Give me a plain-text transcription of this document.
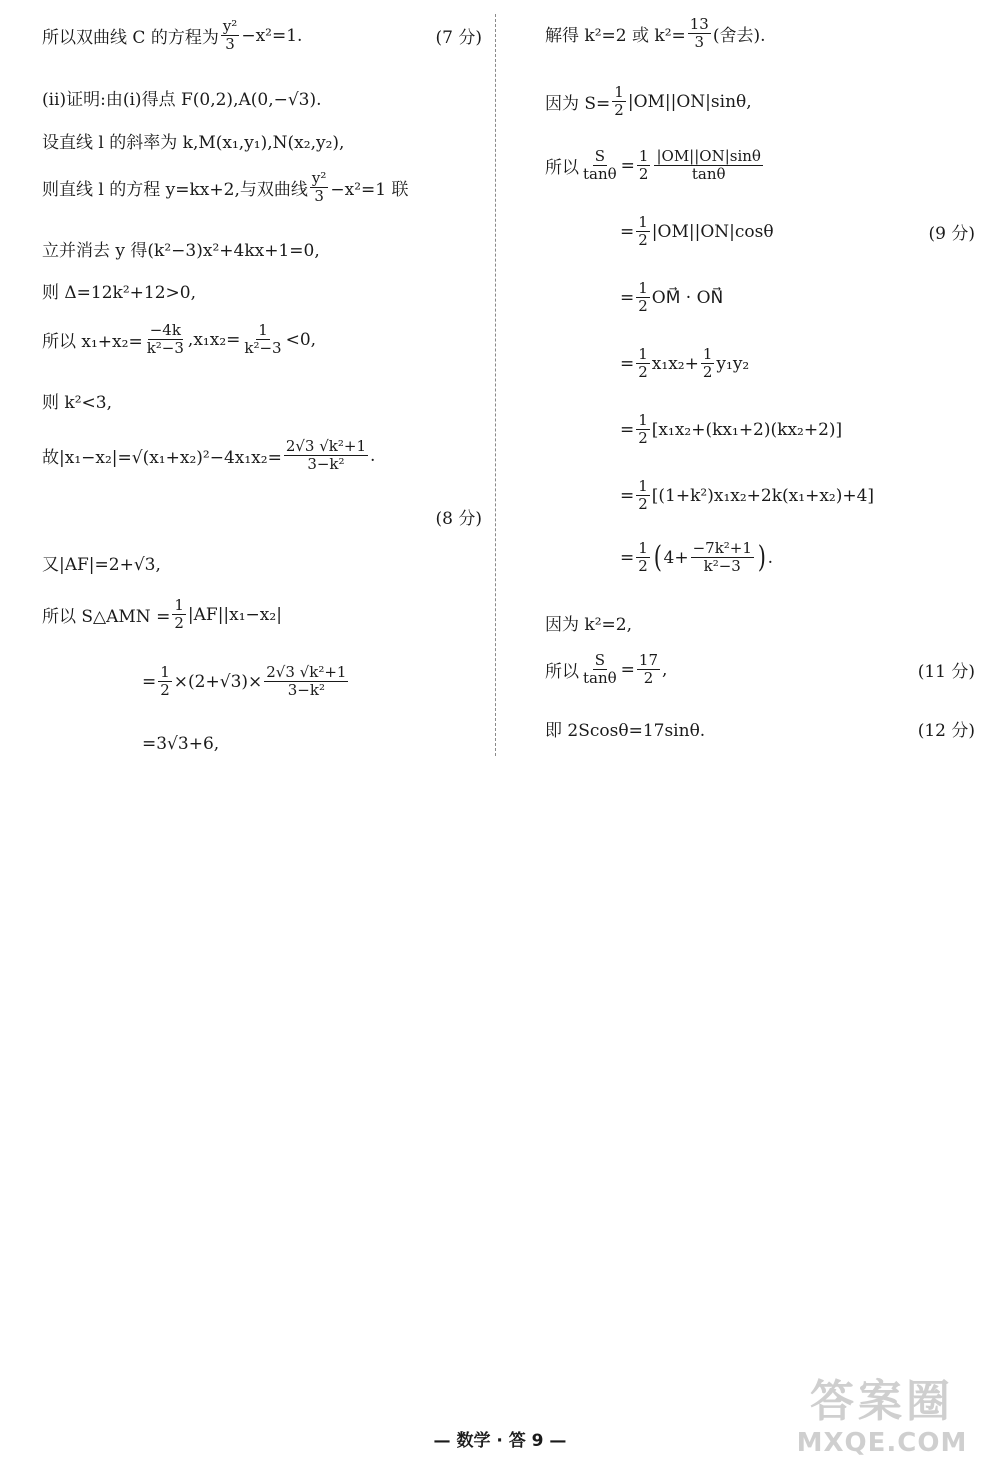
所以双曲线 C 的方程为 $\frac{\text{y²}}{3} -x^2=1$.	(7 分)
(ⅱ)证明:由(ⅰ)得点 F(0,2),A(0,−√3).
设直线 l 的斜率为 k,M(x₁,y₁),N(x₂,y₂),
则直线 l 的方程 y=kx+2,与双曲线 $\frac{\text{y²}}{3} -x^2=1$ 联
立并消去 y 得(k²−3)x²+4kx+1=0,
则 Δ=12k²+12>0,
所以 $x_1+x_2= \frac{-4k}{\text{k²−3}} ,x_1x_2= \frac{1}{\text{k²−3}} <0$,
则 k²<3,
故$|x_1-x_2|=√(x_1+x_2)^2-4x_1x_2= \frac{\text{2√3 √k²+1}}{\text{3−k²}}$ .
(8 分)
又|AF|=2+√3,
所以 S△AMN = $\frac{1}{2} |AF||x_1-x_2|$
= $\frac{1}{2} \times(2+√3)\times \frac{\text{2√3 √k²+1}}{\text{3−k²}}$
=3√3+6,
解得 k²=2 或 $k^2= \frac{13}{3}$ (舍去).
因为 $S= \frac{1}{2} |OM||ON|\sin\theta$,
所以 $\frac{S}{\tan\theta} = \frac{1}{2} \frac{|OM||ON|\sin\theta}{\tan\theta}$
= $\frac{1}{2} |OM||ON|\cos\theta$	(9 分)
= $\frac{1}{2}$ OM⃗ · ON⃗
= $\frac{1}{2} x_1x_2+ \frac{1}{2} y_1y_2$
= $\frac{1}{2} [x_1x_2+(kx_1+2)(kx_2+2)]$
= $\frac{1}{2} [(1+k^2)x_1x_2+2k(x_1+x_2)+4]$
= $\frac{1}{2}$ ( $4+ \frac{\text{−7k²+1}}{\text{k²−3}}$ ) .
因为 k²=2,
所以 $\frac{S}{\tan\theta} = \frac{17}{2}$ ,	(11 分)
即 2Scosθ=17sinθ.	(12 分)
— 数学 · 答 9 —
答案圈
MXQE.COM
